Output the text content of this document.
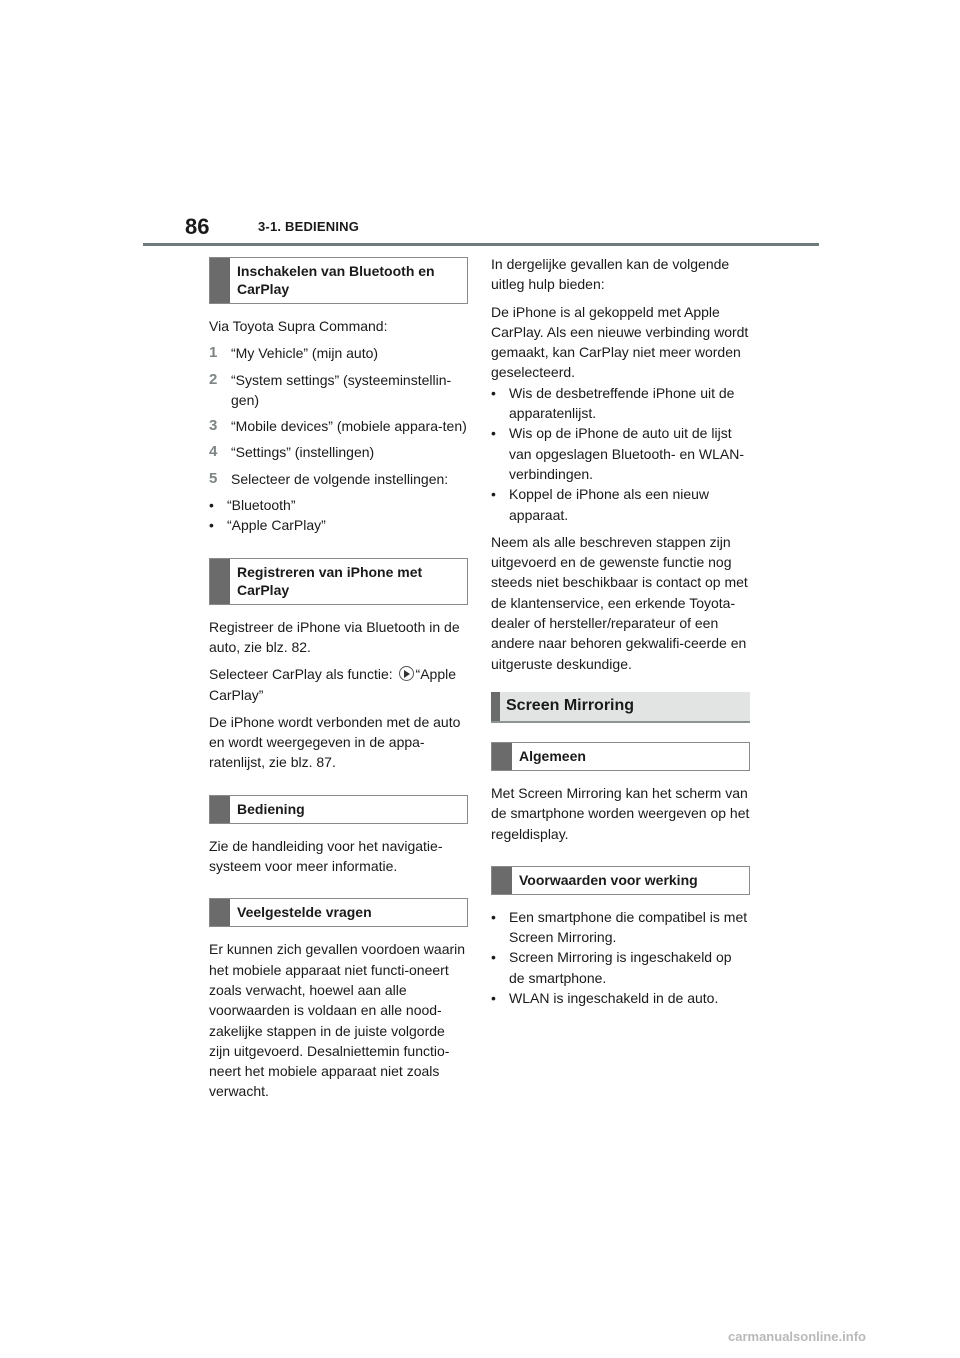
86	3-1. BEDIENING
Inschakelen van Bluetooth en CarPlay

Via Toyota Supra Command:

1 “My Vehicle” (mijn auto)
2 “System settings” (systeeminstellin-gen)
3 “Mobile devices” (mobiele appara-ten)
4 “Settings” (instellingen)
5 Selecteer de volgende instellingen:
• “Bluetooth”
• “Apple CarPlay”
Registreren van iPhone met CarPlay

Registreer de iPhone via Bluetooth in de auto, zie blz. 82.

Selecteer CarPlay als functie: “Apple CarPlay”

De iPhone wordt verbonden met de auto en wordt weergegeven in de appa-ratenlijst, zie blz. 87.

Bediening

Zie de handleiding voor het navigatie-systeem voor meer informatie.

Veelgestelde vragen

Er kunnen zich gevallen voordoen waarin het mobiele apparaat niet functi-oneert zoals verwacht, hoewel aan alle voorwaarden is voldaan en alle nood-zakelijke stappen in de juiste volgorde zijn uitgevoerd. Desalniettemin functio-neert het mobiele apparaat niet zoals verwacht.

In dergelijke gevallen kan de volgende uitleg hulp bieden:

De iPhone is al gekoppeld met Apple CarPlay. Als een nieuwe verbinding wordt gemaakt, kan CarPlay niet meer worden geselecteerd.

• Wis de desbetreffende iPhone uit de apparatenlijst.
• Wis op de iPhone de auto uit de lijst van opgeslagen Bluetooth- en WLAN-verbindingen.
• Koppel de iPhone als een nieuw apparaat.

Neem als alle beschreven stappen zijn uitgevoerd en de gewenste functie nog steeds niet beschikbaar is contact op met de klantenservice, een erkende Toyota-dealer of hersteller/reparateur of een andere naar behoren gekwalifi-ceerde en uitgeruste deskundige.

Screen Mirroring
Algemeen

Met Screen Mirroring kan het scherm van de smartphone worden weergeven op het regeldisplay.

Voorwaarden voor werking
• Een smartphone die compatibel is met Screen Mirroring.
• Screen Mirroring is ingeschakeld op de smartphone.
• WLAN is ingeschakeld in de auto.
carmanualsonline.info
